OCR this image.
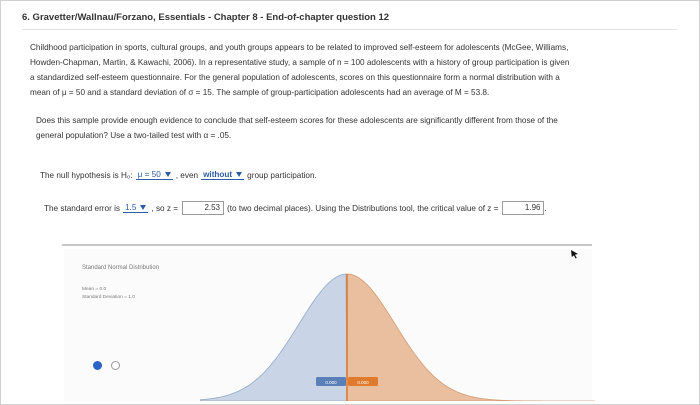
6. Gravetter/Wallnau/Forzano, Essentials - Chapter 8 - End-of-chapter question 12
Childhood participation in sports, cultural groups, and youth groups appears to be related to improved self-esteem for adolescents (McGee, Williams,
Howden-Chapman, Martin, & Kawachi, 2006). In a representative study, a sample of n = 100 adolescents with a history of group participation is given
a standardized self-esteem questionnaire. For the general population of adolescents, scores on this questionnaire form a normal distribution with a
mean of μ = 50 and a standard deviation of σ = 15. The sample of group-participation adolescents had an average of M = 53.8.
Does this sample provide enough evidence to conclude that self-esteem scores for these adolescents are significantly different from those of the
general population? Use a two-tailed test with α = .05.
The null hypothesis is H₀: μ = 50 , even without group participation.
The standard error is 1.5 , so z =	2.53 (to two decimal places). Using the Distributions tool, the critical value of z =	1.96 .
Standard Normal Distribution
Mean = 0.0
Standard Deviation = 1.0
0.000	0.000
